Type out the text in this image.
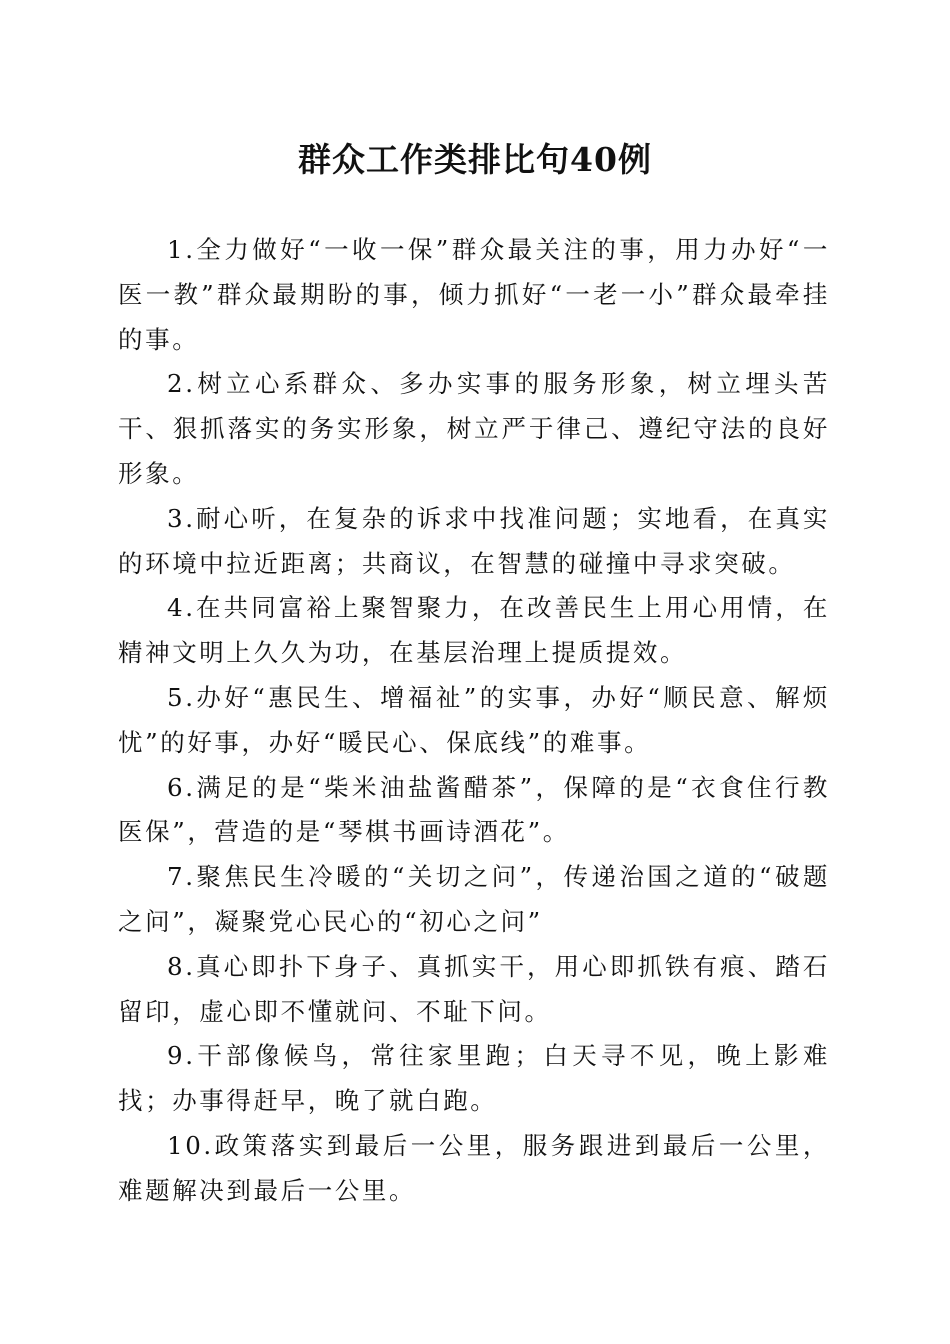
群众工作类排比句40例

1.全力做好“一收一保”群众最关注的事，用力办好“一医一教”群众最期盼的事，倾力抓好“一老一小”群众最牵挂的事。

2.树立心系群众、多办实事的服务形象，树立埋头苦干、狠抓落实的务实形象，树立严于律己、遵纪守法的良好形象。

3.耐心听，在复杂的诉求中找准问题；实地看，在真实的环境中拉近距离；共商议，在智慧的碰撞中寻求突破。

4.在共同富裕上聚智聚力，在改善民生上用心用情，在精神文明上久久为功，在基层治理上提质提效。

5.办好“惠民生、增福祉”的实事，办好“顺民意、解烦忧”的好事，办好“暖民心、保底线”的难事。

6.满足的是“柴米油盐酱醋茶”，保障的是“衣食住行教医保”，营造的是“琴棋书画诗酒花”。

7.聚焦民生冷暖的“关切之问”，传递治国之道的“破题之问”，凝聚党心民心的“初心之问”

8.真心即扑下身子、真抓实干，用心即抓铁有痕、踏石留印，虚心即不懂就问、不耻下问。

9.干部像候鸟，常往家里跑；白天寻不见，晚上影难找；办事得赶早，晚了就白跑。

10.政策落实到最后一公里，服务跟进到最后一公里，难题解决到最后一公里。
